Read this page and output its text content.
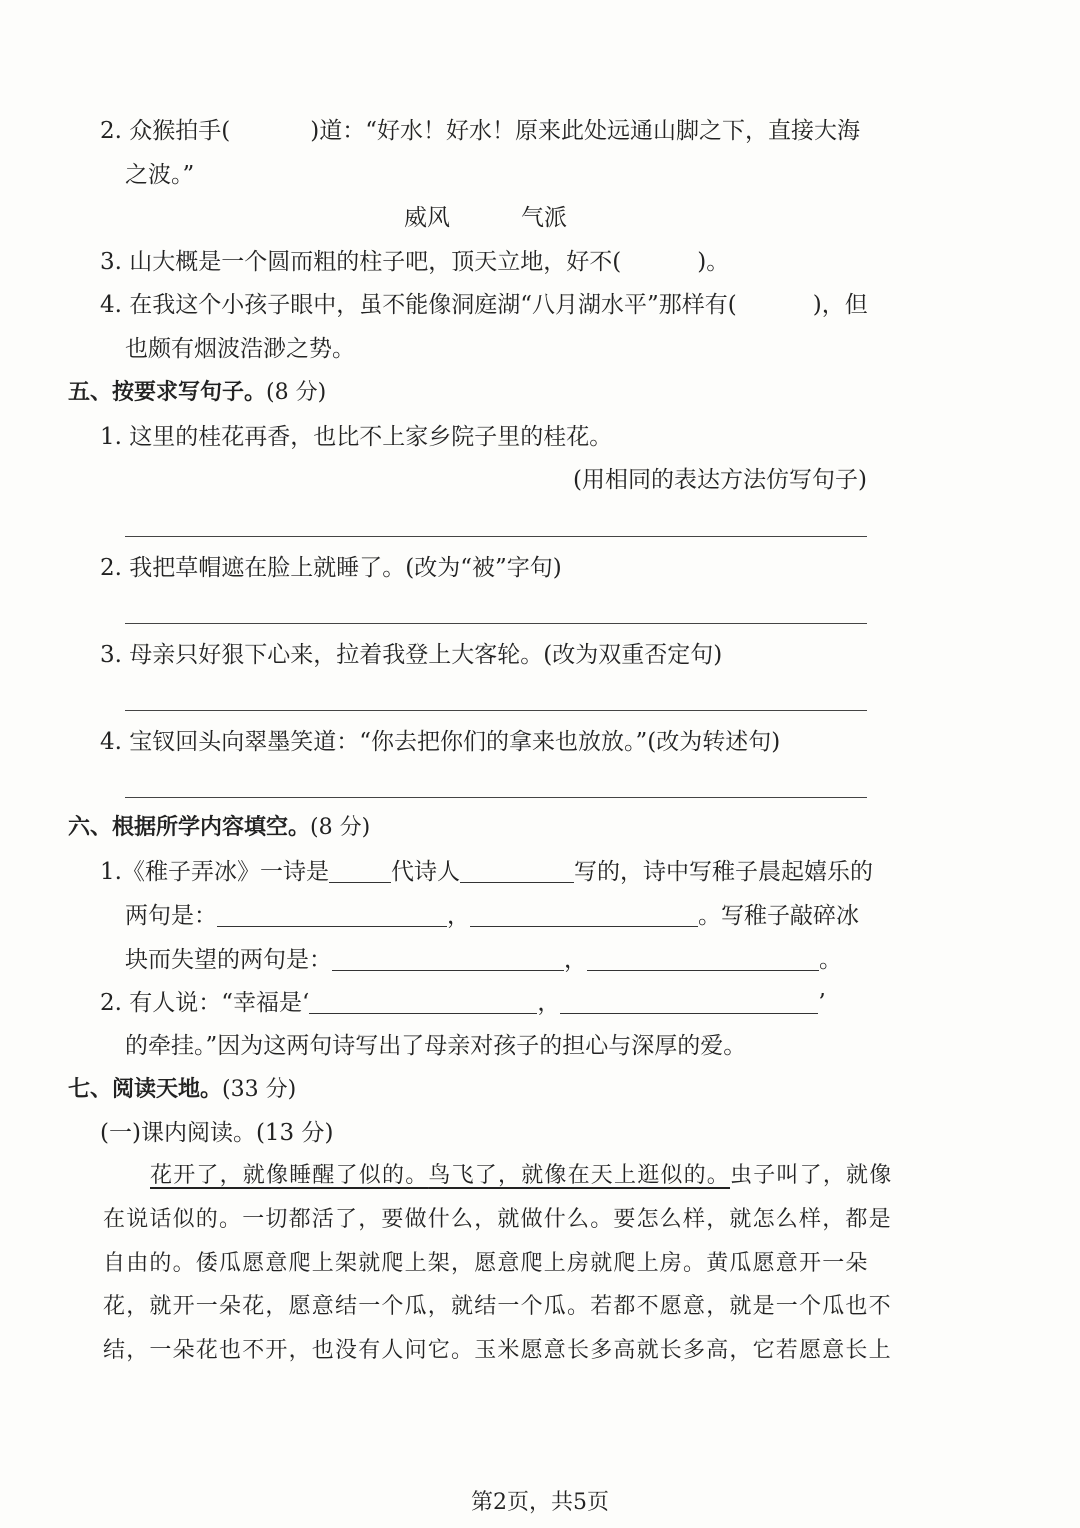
2. 众猴拍手(	)道：“好水！好水！原来此处远通山脚之下，直接大海
之波。”
威风	气派
3. 山大概是一个圆而粗的柱子吧，顶天立地，好不(	)。
4. 在我这个小孩子眼中，虽不能像洞庭湖“八月湖水平”那样有(	)，但
也颇有烟波浩渺之势。
五、按要求写句子。(8 分)
1. 这里的桂花再香，也比不上家乡院子里的桂花。
(用相同的表达方法仿写句子)
2. 我把草帽遮在脸上就睡了。(改为“被”字句)
3. 母亲只好狠下心来，拉着我登上大客轮。(改为双重否定句)
4. 宝钗回头向翠墨笑道：“你去把你们的拿来也放放。”(改为转述句)
六、根据所学内容填空。(8 分)
1.《稚子弄冰》一诗是	代诗人	写的，诗中写稚子晨起嬉乐的
两句是：	，	。写稚子敲碎冰
块而失望的两句是：	，	。
2. 有人说：“幸福是‘	，	’
的牵挂。”因为这两句诗写出了母亲对孩子的担心与深厚的爱。
七、阅读天地。(33 分)
(一)课内阅读。(13 分)
花开了，就像睡醒了似的。鸟飞了，就像在天上逛似的。虫子叫了，就像
在说话似的。一切都活了，要做什么，就做什么。要怎么样，就怎么样，都是
自由的。倭瓜愿意爬上架就爬上架，愿意爬上房就爬上房。黄瓜愿意开一朵
花，就开一朵花，愿意结一个瓜，就结一个瓜。若都不愿意，就是一个瓜也不
结，一朵花也不开，也没有人问它。玉米愿意长多高就长多高，它若愿意长上
第2页，共5页
